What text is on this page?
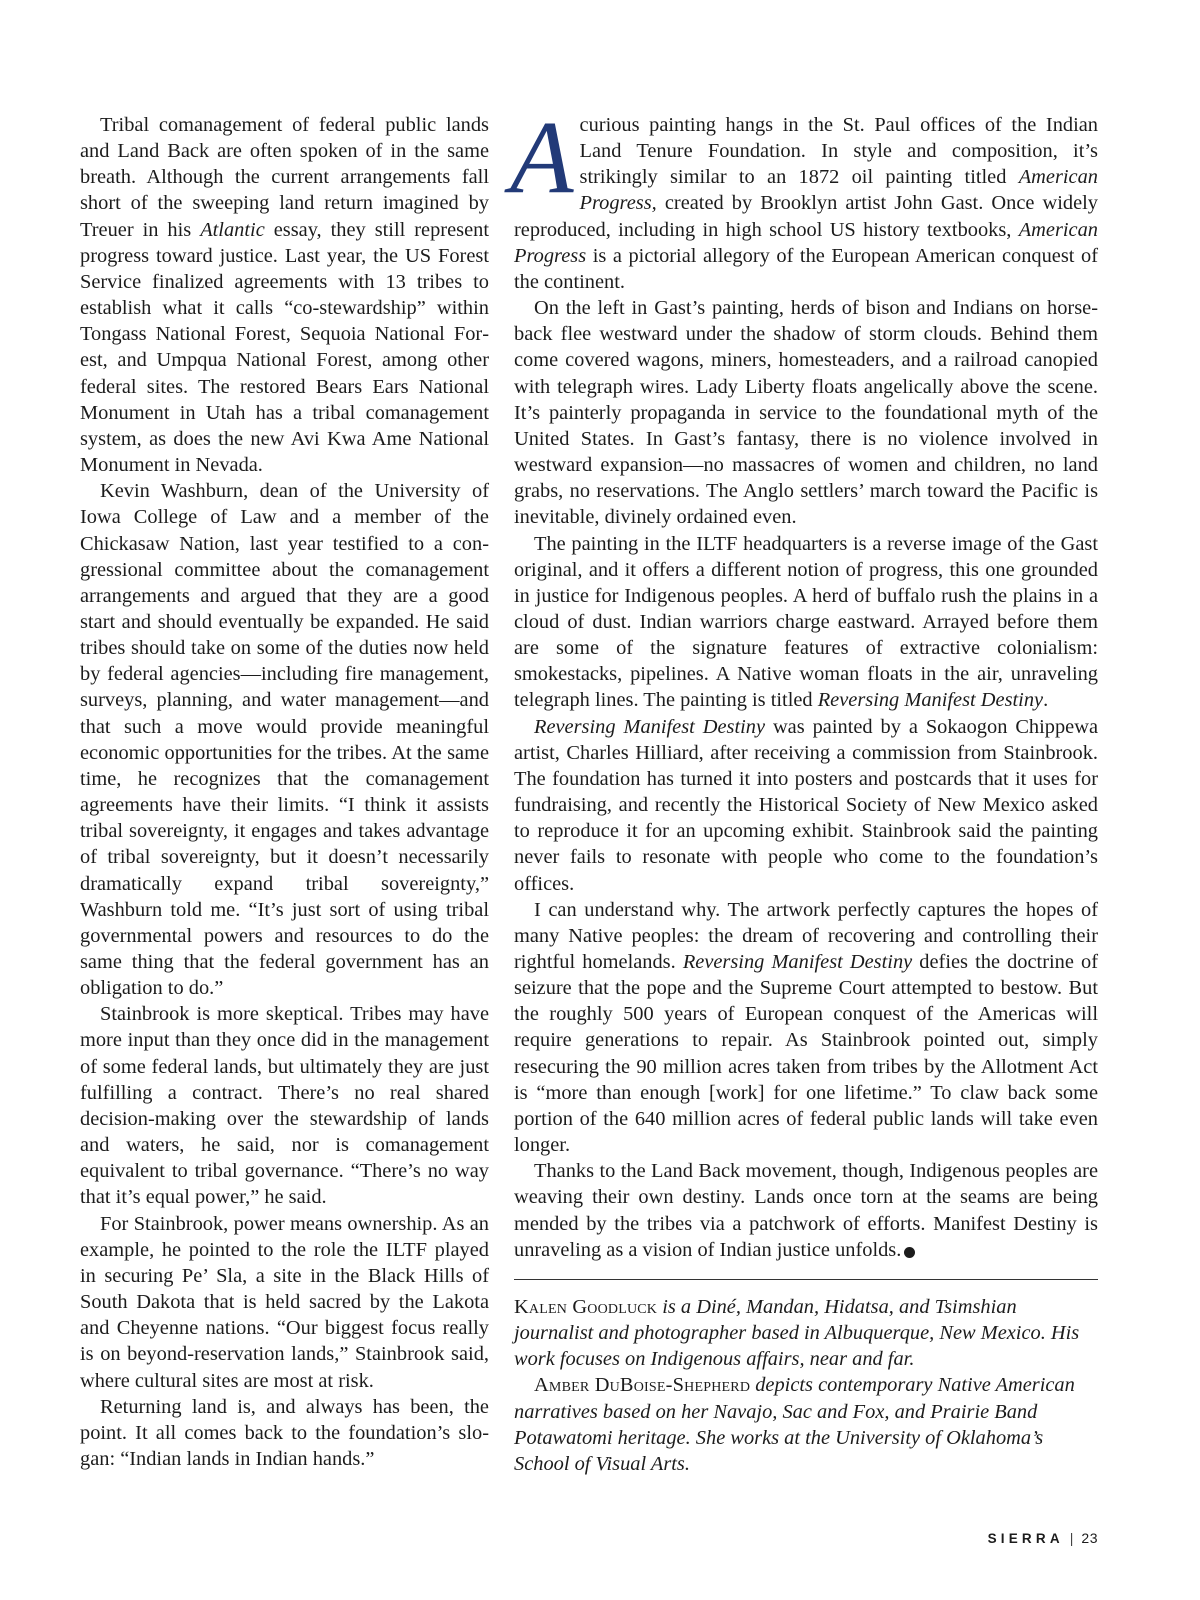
Tribal comanagement of federal public lands and Land Back are often spoken of in the same breath. Although the current arrangements fall short of the sweeping land return imagined by Treuer in his Atlantic essay, they still represent progress toward justice. Last year, the US Forest Service finalized agreements with 13 tribes to establish what it calls “co-stewardship” within Tongass National Forest, Sequoia National Forest, and Umpqua National Forest, among other federal sites. The restored Bears Ears National Monument in Utah has a tribal comanagement system, as does the new Avi Kwa Ame National Monument in Nevada.

Kevin Washburn, dean of the University of Iowa College of Law and a member of the Chickasaw Nation, last year testified to a congressional committee about the comanagement arrangements and argued that they are a good start and should eventually be expanded. He said tribes should take on some of the duties now held by federal agencies—including fire management, surveys, planning, and water management—and that such a move would provide meaningful economic opportunities for the tribes. At the same time, he recognizes that the comanagement agreements have their limits. “I think it assists tribal sovereignty, it engages and takes advantage of tribal sovereignty, but it doesn’t necessarily dramatically expand tribal sovereignty,” Washburn told me. “It’s just sort of using tribal governmental powers and resources to do the same thing that the federal government has an obligation to do.”

Stainbrook is more skeptical. Tribes may have more input than they once did in the management of some federal lands, but ultimately they are just fulfilling a contract. There’s no real shared decision-making over the stewardship of lands and waters, he said, nor is comanagement equivalent to tribal governance. “There’s no way that it’s equal power,” he said.

For Stainbrook, power means ownership. As an example, he pointed to the role the ILTF played in securing Pe’ Sla, a site in the Black Hills of South Dakota that is held sacred by the Lakota and Cheyenne nations. “Our biggest focus really is on beyond-reservation lands,” Stainbrook said, where cultural sites are most at risk.

Returning land is, and always has been, the point. It all comes back to the foundation’s slogan: “Indian lands in Indian hands.”

Acurious painting hangs in the St. Paul offices of the Indian Land Tenure Foundation. In style and composition, it’s strikingly similar to an 1872 oil painting titled American Progress, created by Brooklyn artist John Gast. Once widely reproduced, including in high school US history textbooks, American Progress is a pictorial allegory of the European American conquest of the continent.

On the left in Gast’s painting, herds of bison and Indians on horseback flee westward under the shadow of storm clouds. Behind them come covered wagons, miners, homesteaders, and a railroad canopied with telegraph wires. Lady Liberty floats angelically above the scene. It’s painterly propaganda in service to the foundational myth of the United States. In Gast’s fantasy, there is no violence involved in westward expansion—no massacres of women and children, no land grabs, no reservations. The Anglo settlers’ march toward the Pacific is inevitable, divinely ordained even.

The painting in the ILTF headquarters is a reverse image of the Gast original, and it offers a different notion of progress, this one grounded in justice for Indigenous peoples. A herd of buffalo rush the plains in a cloud of dust. Indian warriors charge eastward. Arrayed before them are some of the signature features of extractive colonialism: smokestacks, pipelines. A Native woman floats in the air, unraveling telegraph lines. The painting is titled Reversing Manifest Destiny.

Reversing Manifest Destiny was painted by a Sokaogon Chippewa artist, Charles Hilliard, after receiving a commission from Stainbrook. The foundation has turned it into posters and postcards that it uses for fundraising, and recently the Historical Society of New Mexico asked to reproduce it for an upcoming exhibit. Stainbrook said the painting never fails to resonate with people who come to the foundation’s offices.

I can understand why. The artwork perfectly captures the hopes of many Native peoples: the dream of recovering and controlling their rightful homelands. Reversing Manifest Destiny defies the doctrine of seizure that the pope and the Supreme Court attempted to bestow. But the roughly 500 years of European conquest of the Americas will require generations to repair. As Stainbrook pointed out, simply resecuring the 90 million acres taken from tribes by the Allotment Act is “more than enough [work] for one lifetime.” To claw back some portion of the 640 million acres of federal public lands will take even longer.

Thanks to the Land Back movement, though, Indigenous peoples are weaving their own destiny. Lands once torn at the seams are being mended by the tribes via a patchwork of efforts. Manifest Destiny is unraveling as a vision of Indian justice unfolds.	S

Kalen Goodluck is a Diné, Mandan, Hidatsa, and Tsimshian journalist and photographer based in Albuquerque, New Mexico. His work focuses on Indigenous affairs, near and far.

Amber DuBoise-Shepherd depicts contemporary Native American narratives based on her Navajo, Sac and Fox, and Prairie Band Potawatomi heritage. She works at the University of Oklahoma’s School of Visual Arts.

SIERRA | 23
